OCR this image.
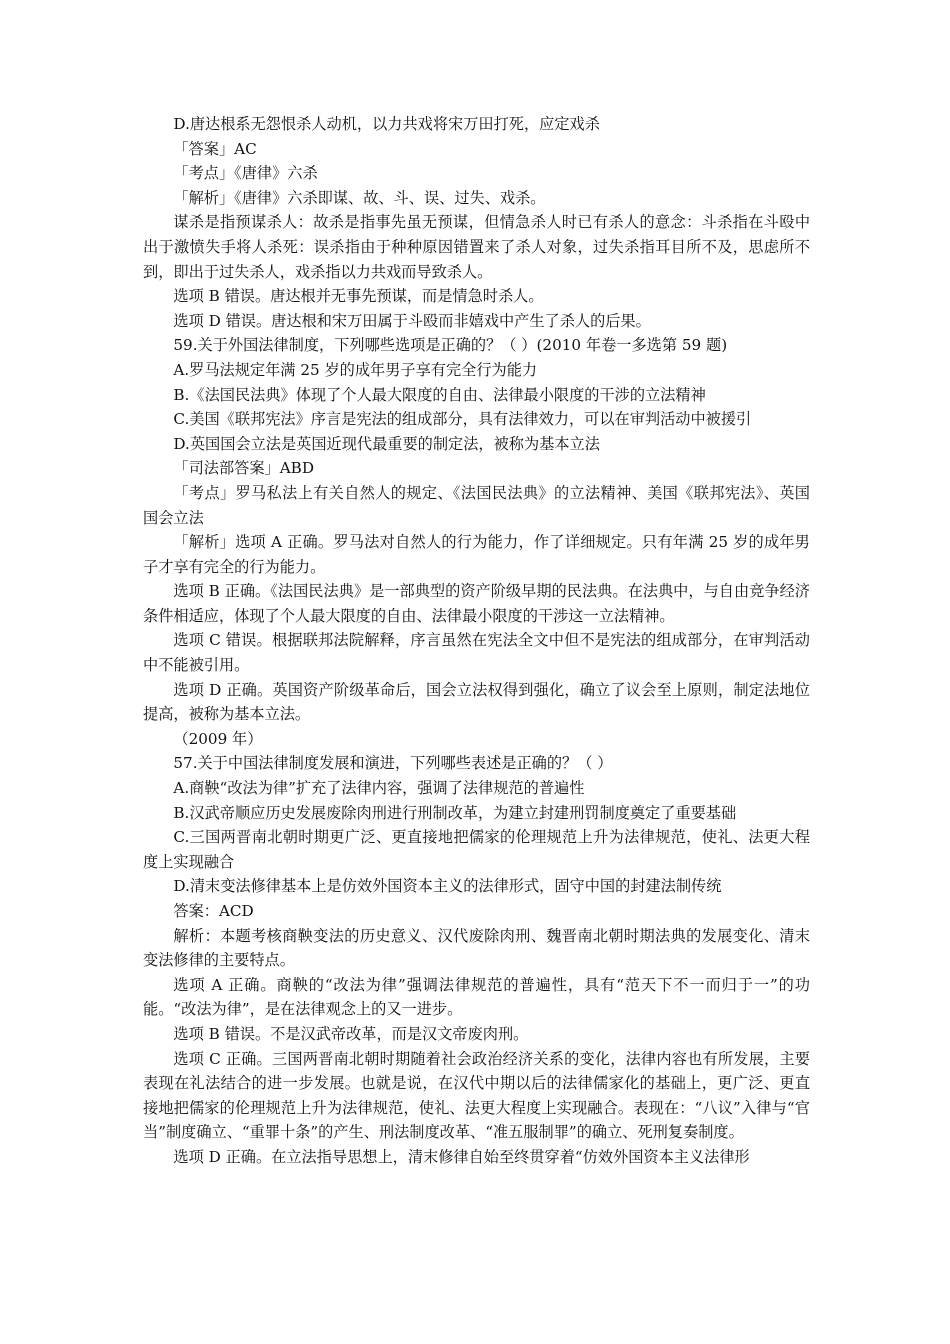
D.唐达根系无怨恨杀人动机，以力共戏将宋万田打死，应定戏杀

「答案」AC

「考点」《唐律》六杀

「解析」《唐律》六杀即谋、故、斗、误、过失、戏杀。

谋杀是指预谋杀人：故杀是指事先虽无预谋，但情急杀人时已有杀人的意念：斗杀指在斗殴中出于激愤失手将人杀死：误杀指由于种种原因错置来了杀人对象，过失杀指耳目所不及，思虑所不到，即出于过失杀人，戏杀指以力共戏而导致杀人。

选项 B 错误。唐达根并无事先预谋，而是情急时杀人。

选项 D 错误。唐达根和宋万田属于斗殴而非嬉戏中产生了杀人的后果。

59.关于外国法律制度，下列哪些选项是正确的？（ ）(2010 年卷一多选第 59 题)

A.罗马法规定年满 25 岁的成年男子享有完全行为能力

B.《法国民法典》体现了个人最大限度的自由、法律最小限度的干涉的立法精神

C.美国《联邦宪法》序言是宪法的组成部分，具有法律效力，可以在审判活动中被援引

D.英国国会立法是英国近现代最重要的制定法，被称为基本立法

「司法部答案」ABD

「考点」罗马私法上有关自然人的规定、《法国民法典》的立法精神、美国《联邦宪法》、英国国会立法

「解析」选项 A 正确。罗马法对自然人的行为能力，作了详细规定。只有年满 25 岁的成年男子才享有完全的行为能力。

选项 B 正确。《法国民法典》是一部典型的资产阶级早期的民法典。在法典中，与自由竞争经济条件相适应，体现了个人最大限度的自由、法律最小限度的干涉这一立法精神。

选项 C 错误。根据联邦法院解释，序言虽然在宪法全文中但不是宪法的组成部分，在审判活动中不能被引用。

选项 D 正确。英国资产阶级革命后，国会立法权得到强化，确立了议会至上原则，制定法地位提高，被称为基本立法。

（2009 年）

57.关于中国法律制度发展和演进，下列哪些表述是正确的？（ ）

A.商鞅“改法为律”扩充了法律内容，强调了法律规范的普遍性

B.汉武帝顺应历史发展废除肉刑进行刑制改革，为建立封建刑罚制度奠定了重要基础

C.三国两晋南北朝时期更广泛、更直接地把儒家的伦理规范上升为法律规范，使礼、法更大程度上实现融合

D.清末变法修律基本上是仿效外国资本主义的法律形式，固守中国的封建法制传统

答案：ACD

解析：本题考核商鞅变法的历史意义、汉代废除肉刑、魏晋南北朝时期法典的发展变化、清末变法修律的主要特点。

选项 A 正确。商鞅的“改法为律”强调法律规范的普遍性，具有“范天下不一而归于一”的功能。“改法为律”，是在法律观念上的又一进步。

选项 B 错误。不是汉武帝改革，而是汉文帝废肉刑。

选项 C 正确。三国两晋南北朝时期随着社会政治经济关系的变化，法律内容也有所发展，主要表现在礼法结合的进一步发展。也就是说，在汉代中期以后的法律儒家化的基础上，更广泛、更直接地把儒家的伦理规范上升为法律规范，使礼、法更大程度上实现融合。表现在：“八议”入律与“官当”制度确立、“重罪十条”的产生、刑法制度改革、“准五服制罪”的确立、死刑复奏制度。

选项 D 正确。在立法指导思想上，清末修律自始至终贯穿着“仿效外国资本主义法律形
